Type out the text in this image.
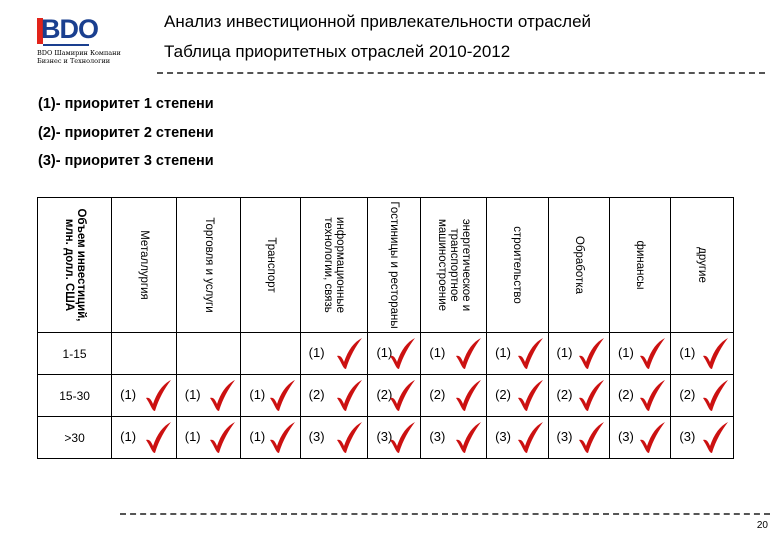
BDO
BDO Шамирин Компани
Бизнес и Технологии
Анализ инвестиционной привлекательности отраслей
Таблица приоритетных отраслей 2010-2012
(1)- приоритет 1 степени
(2)- приоритет 2 степени
(3)- приоритет 3 степени
Объем инвестиций,
млн. долл. США	Металлургия	Торговля и услуги	Транспорт	информационные
технологии, связь	Гостиницы и рестораны	энергетическое и
транспортное
машиностроение	строительство	Обработка	финансы	другие

1-15				(1)	(1)	(1)	(1)	(1)	(1)	(1)

15-30	(1)	(1)	(1)	(2)	(2)	(2)	(2)	(2)	(2)	(2)

>30	(1)	(1)	(1)	(3)	(3)	(3)	(3)	(3)	(3)	(3)
20
